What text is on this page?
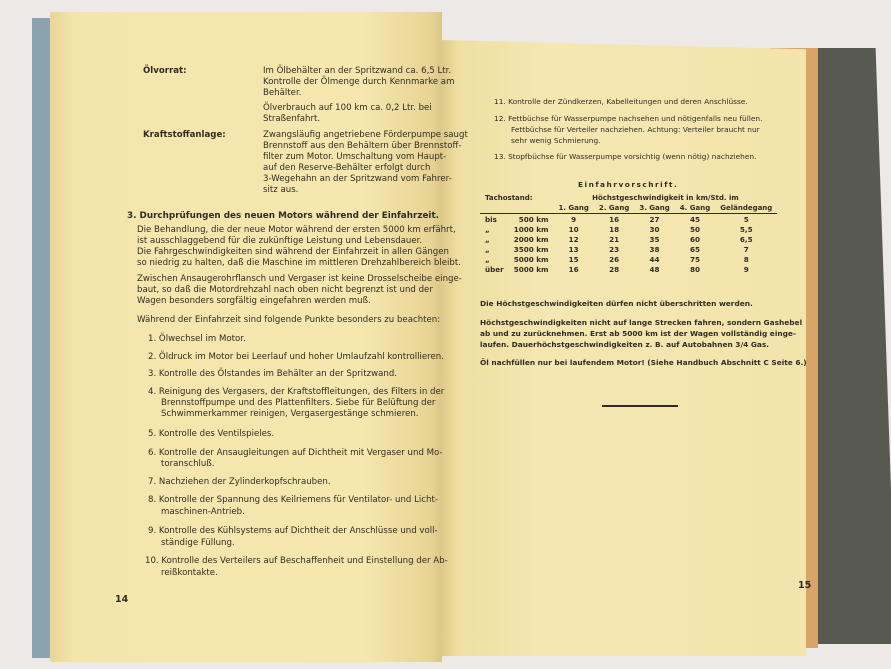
Ölvorrat:	Im Ölbehälter an der Spritzwand ca. 6,5 Ltr.
Kontrolle der Ölmenge durch Kennmarke am
Behälter.
Ölverbrauch auf 100 km ca. 0,2 Ltr. bei
Straßenfahrt.
Kraftstoffanlage:	Zwangsläufig angetriebene Förderpumpe saugt
Brennstoff aus den Behältern über Brennstoff-
filter zum Motor. Umschaltung vom Haupt-
auf den Reserve-Behälter erfolgt durch
3-Wegehahn an der Spritzwand vom Fahrer-
sitz aus.
3. Durchprüfungen des neuen Motors während der Einfahrzeit.
Die Behandlung, die der neue Motor während der ersten 5000 km erfährt,
ist ausschlaggebend für die zukünftige Leistung und Lebensdauer.
Die Fahrgeschwindigkeiten sind während der Einfahrzeit in allen Gängen
so niedrig zu halten, daß die Maschine im mittleren Drehzahlbereich bleibt.
Zwischen Ansaugerohrflansch und Vergaser ist keine Drosselscheibe einge-
baut, so daß die Motordrehzahl nach oben nicht begrenzt ist und der
Wagen besonders sorgfältig eingefahren werden muß.
Während der Einfahrzeit sind folgende Punkte besonders zu beachten:
1. Ölwechsel im Motor.
2. Öldruck im Motor bei Leerlauf und hoher Umlaufzahl kontrollieren.
3. Kontrolle des Ölstandes im Behälter an der Spritzwand.
4. Reinigung des Vergasers, der Kraftstoffleitungen, des Filters in der
Brennstoffpumpe und des Plattenfilters. Siebe für Belüftung der
Schwimmerkammer reinigen, Vergasergestänge schmieren.
5. Kontrolle des Ventilspieles.
6. Kontrolle der Ansaugleitungen auf Dichtheit mit Vergaser und Mo-
toranschluß.
7. Nachziehen der Zylinderkopfschrauben.
8. Kontrolle der Spannung des Keilriemens für Ventilator- und Licht-
maschinen-Antrieb.
9. Kontrolle des Kühlsystems auf Dichtheit der Anschlüsse und voll-
ständige Füllung.
10. Kontrolle des Verteilers auf Beschaffenheit und Einstellung der Ab-
reißkontakte.
14
11. Kontrolle der Zündkerzen, Kabelleitungen und deren Anschlüsse.
12. Fettbüchse für Wasserpumpe nachsehen und nötigenfalls neu füllen.
Fettbüchse für Verteiler nachziehen. Achtung: Verteiler braucht nur
sehr wenig Schmierung.
13. Stopfbüchse für Wasserpumpe vorsichtig (wenn nötig) nachziehen.
Einfahrvorschrift.
Tachostand:		Höchstgeschwindigkeit in km/Std. im				
		1. Gang	2. Gang	3. Gang	4. Gang	Geländegang
bis	500 km	9	16	27	45	5
„	1000 km	10	18	30	50	5,5
„	2000 km	12	21	35	60	6,5
„	3500 km	13	23	38	65	7
„	5000 km	15	26	44	75	8
über	5000 km	16	28	48	80	9
Die Höchstgeschwindigkeiten dürfen nicht überschritten werden.
Höchstgeschwindigkeiten nicht auf lange Strecken fahren, sondern Gashebel
ab und zu zurücknehmen. Erst ab 5000 km ist der Wagen vollständig einge-
laufen. Dauerhöchstgeschwindigkeiten z. B. auf Autobahnen 3/4 Gas.
Öl nachfüllen nur bei laufendem Motor! (Siehe Handbuch Abschnitt C Seite 6.)
15
